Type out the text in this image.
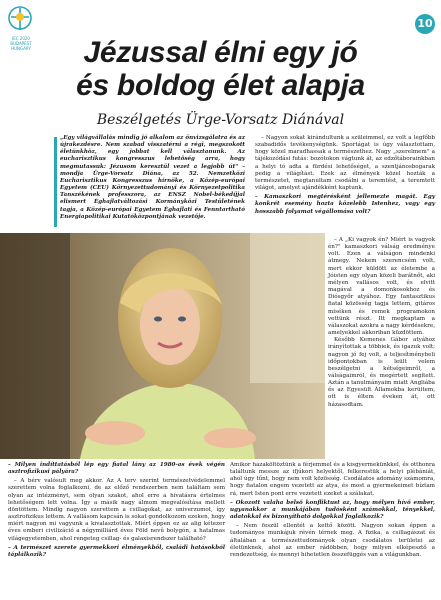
IEC 2020
BUDAPEST HUNGARY
10
Jézussal élni egy jó
és boldog élet alapja
Beszélgetés Ürge-Vorsatz Diánával
„Egy világvállalás mindig jó alkalom az önvizsgálatra és az újrakezdésre. Nem szabad visszatérni a régi, megszokott életünkhöz, egy jobbat kell választanunk. Az eucharisztikus kongresszus lehetőség arra, hogy megmutassuk: Jézusom keresztül vezet a legjobb út" – mondja Ürge-Vorsatz Diána, az 52. Nemzetközi Eucharisztikus Kongresszus hírnöke, a Közép-európai Egyetem (CEU) Környezettudományi és Környezetpolitika Tanszékének professzora, az ENSZ Nobel-békedíjjal elismert Éghajlatváltozási Kormányközi Testületének tagja, a Közép-európai Egyetem Éghajlati és Fenntartható Energiapolitikai Kutatóközpontjának vezetője.

– Nagyon sokat kirándultunk a szüleimmel, ez volt a legfőbb szabadidős tevékenységünk. Sportágat is úgy választottam, hogy közel maradhassak a természethez. Nagy „szerelmem" a tájékozódási futás: bozótokon vágtunk át, az edzőtáborainkban a helyi tó adta a fürdési lehetőséget, a szentjánosbogarak pedig a világítást. Ezek az élmények közel hozták a természetet, megtanultam csodálni a teremtést, a teremtett világot, amelyet ajándékként kaptunk.

– Kamaszkori megtérésként jellemezte magát. Egy konkrét esemény hozta közelebb Istenhez, vagy egy hosszabb folyamat végállomása volt?

– A „Ki vagyok én? Miért is vagyok én?" kamaszkori válság eredménye volt. Ezen a válságon mindenki átmegy. Nekem szerencsém volt, mert ekkor küldött az életembe a Jóisten egy olyan közeli barátnőt, aki mélyen vallásos volt, és elvitt magával a domonkosokhoz és Diósgyőr atyához. Egy fantasztikus fiatal közösség tagja lettem, gitáros miséken és remek programokon vettünk részt. Itt megkaptam a válaszokat azokra a nagy kérdésekre, amelyekkel akkoriban küzdöttem.

Később Kemenes Gábor atyához irányítottak a többiek, és igazuk volt; nagyon jó fej volt, a teljesítménybeli időpontokban is leült velem beszélgetni a kétségeimről, a válságaimról, és megértett segített. Aztán a tanulmányaim miatt Angliába és az Egyesült Államokba kerültem, ott is éltem éveken át, ott házasodtam.

– Milyen indíttatásból lép egy fiatal lány az 1980-as évek végén asztrofizikusi pályára?

– A bérv valósult meg akkor. Az A terv szerint természetvédelemmel szerettem volna foglalkozni, de az előző rendszerben nem találtam sem olyan az intézményt, sem olyan szakot, ahol erre a hivatásra értelmes lehetőségem lett volna. Így a másik nagy álmom megvalósítása mellett döntöttem. Mindig nagyon szerettem a csillagokat, az univerzumot, így asztrofizikus lettem. A vallásom kapcsán is sokat gondolkozom ezeken, hogy miért nagyon mi vagyunk a kivalasztottak. Miért éppen ez az alig kétezer éves emberi civilizáció a négymilliárd éves Föld nevű bolygón, a hatalmas világegyetemben, ahol rengeteg csillag- és galaxisrendszer található?

– A természet szerete gyermekkori élményekből, családi hatásokból táplálkozik?

Amikor hazaköltöztünk a férjemmel és a kisgyermekünkkel, és otthonra találtunk messze az ifjúkori helyektől, felkerestük a helyi plébániát, ahol úgy tűnt, hogy nem volt közösség. Csodálatos adomány számomra, hogy fiatalon engem vezetett az atya, és most a gyermekeimet bíztam rá, mert Isten pont erre vezetett ezeket a szálakat.

– Okozott valaha belső konfliktust az, hogy mélyen hívő ember, ugyanakkor a munkájában tudósként számokkal, tényekkel, adatokkal és bizonyítható dolgokkal foglalkozik?

– Nem feszül ellentét a kettő között. Nagyon sokan éppen a tudományos munkájuk révén térnek meg. A fizika, a csillagászat és általában a természettudományok olyan csodálatos területei az életünknek, ahol az ember rádöbben, hogy milyen elképesztő a rendezettség, és mennyi hihetetlen összefüggés van a világunkban.
